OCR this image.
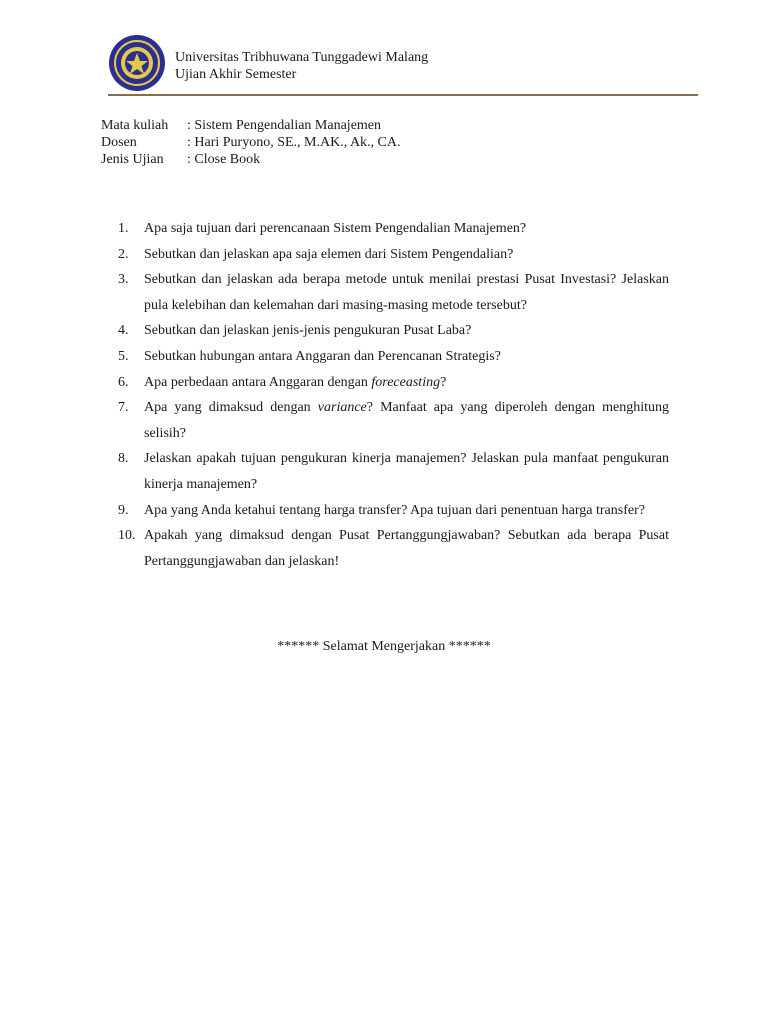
Universitas Tribhuwana Tunggadewi Malang
Ujian Akhir Semester
Mata kuliah	: Sistem Pengendalian Manajemen
Dosen	: Hari Puryono, SE., M.AK., Ak., CA.
Jenis Ujian	: Close Book
1.	Apa saja tujuan dari perencanaan Sistem Pengendalian Manajemen?
2.	Sebutkan dan jelaskan apa saja elemen dari Sistem Pengendalian?
3.	Sebutkan dan jelaskan ada berapa metode untuk menilai prestasi Pusat Investasi? Jelaskan pula kelebihan dan kelemahan dari masing-masing metode tersebut?
4.	Sebutkan dan jelaskan jenis-jenis pengukuran Pusat Laba?
5.	Sebutkan hubungan antara Anggaran dan Perencanan Strategis?
6.	Apa perbedaan antara Anggaran dengan foreceasting?
7.	Apa yang dimaksud dengan variance? Manfaat apa yang diperoleh dengan menghitung selisih?
8.	Jelaskan apakah tujuan pengukuran kinerja manajemen? Jelaskan pula manfaat pengukuran kinerja manajemen?
9.	Apa yang Anda ketahui tentang harga transfer? Apa tujuan dari penentuan harga transfer?
10. Apakah yang dimaksud dengan Pusat Pertanggungjawaban? Sebutkan ada berapa Pusat Pertanggungjawaban dan jelaskan!
****** Selamat Mengerjakan ******
